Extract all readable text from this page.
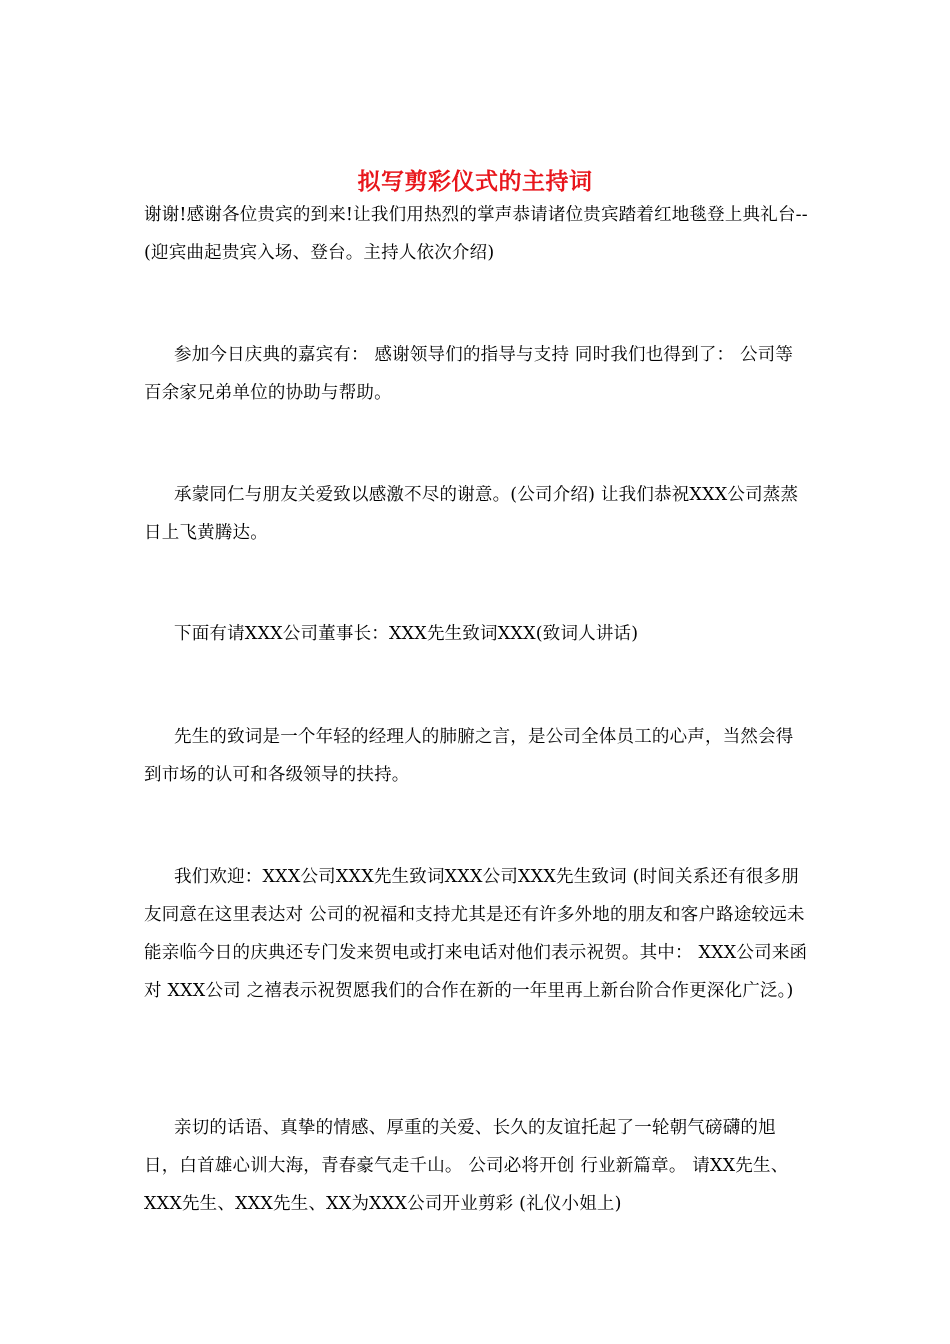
拟写剪彩仪式的主持词

谢谢!感谢各位贵宾的到来!让我们用热烈的掌声恭请诸位贵宾踏着红地毯登上典礼台--(迎宾曲起贵宾入场、登台。主持人依次介绍)

参加今日庆典的嘉宾有： 感谢领导们的指导与支持 同时我们也得到了： 公司等百余家兄弟单位的协助与帮助。

承蒙同仁与朋友关爱致以感激不尽的谢意。(公司介绍) 让我们恭祝XXX公司蒸蒸日上飞黄腾达。

下面有请XXX公司董事长：XXX先生致词XXX(致词人讲话)

先生的致词是一个年轻的经理人的肺腑之言，是公司全体员工的心声，当然会得到市场的认可和各级领导的扶持。

我们欢迎：XXX公司XXX先生致词XXX公司XXX先生致词 (时间关系还有很多朋友同意在这里表达对 公司的祝福和支持尤其是还有许多外地的朋友和客户路途较远未能亲临今日的庆典还专门发来贺电或打来电话对他们表示祝贺。其中： XXX公司来函对 XXX公司 之禧表示祝贺愿我们的合作在新的一年里再上新台阶合作更深化广泛。)

亲切的话语、真挚的情感、厚重的关爱、长久的友谊托起了一轮朝气磅礴的旭日，白首雄心训大海，青春豪气走千山。 公司必将开创 行业新篇章。 请XX先生、XXX先生、XXX先生、XX为XXX公司开业剪彩 (礼仪小姐上)
